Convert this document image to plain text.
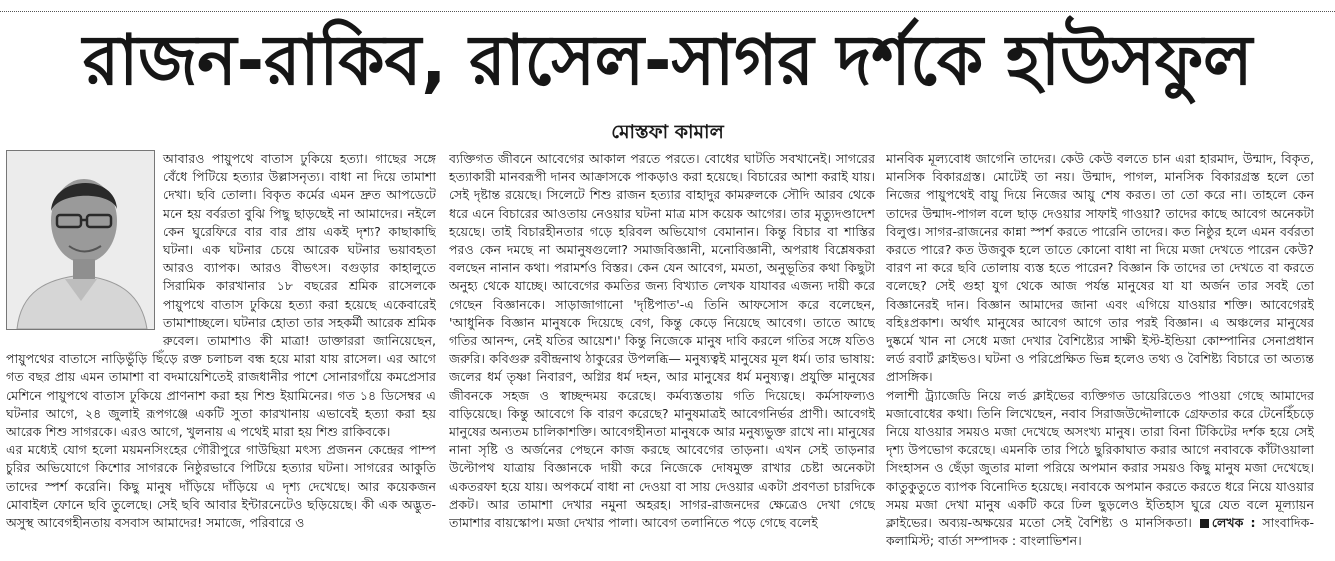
রাজন-রাকিব, রাসেল-সাগর দর্শকে হাউসফুল
মোস্তফা কামাল

আবারও পায়ুপথে বাতাস ঢুকিয়ে হত্যা। গাছের সঙ্গে বেঁধে পিটিয়ে হত্যার উল্লাসনৃত্য। বাধা না দিয়ে তামাশা দেখা। ছবি তোলা। বিকৃত কর্মের এমন দ্রুত আপডেটে মনে হয় বর্বরতা বুঝি পিছু ছাড়ছেই না আমাদের। নইলে কেন ঘুরেফিরে বার বার প্রায় একই দৃশ্য? কাছাকাছি ঘটনা। এক ঘটনার চেয়ে আরেক ঘটনার ভয়াবহতা আরও ব্যাপক। আরও বীভৎস। বগুড়ার কাহালুতে সিরামিক কারখানার ১৮ বছরের শ্রমিক রাসেলকে পায়ুপথে বাতাস ঢুকিয়ে হত্যা করা হয়েছে একেবারেই তামাশাচ্ছলে। ঘটনার হোতা তার সহকর্মী আরেক শ্রমিক রুবেল। তামাশাও কী মাত্রা! ডাক্তাররা জানিয়েছেন, পায়ুপথের বাতাসে নাড়িভুঁড়ি ছিঁড়ে রক্ত চলাচল বন্ধ হয়ে মারা যায় রাসেল। এর আগে গত বছর প্রায় এমন তামাশা বা বদমায়েশিতেই রাজধানীর পাশে সোনারগাঁয়ে কমপ্রেসার মেশিনে পায়ুপথে বাতাস ঢুকিয়ে প্রাণনাশ করা হয় শিশু ইয়ামিনের। গত ১৪ ডিসেম্বর এ ঘটনার আগে, ২৪ জুলাই রূপগঞ্জে একটি সুতা কারখানায় এভাবেই হত্যা করা হয় আরেক শিশু সাগরকে। এরও আগে, খুলনায় এ পথেই মারা হয় শিশু রাকিবকে।

এর মধ্যেই যোগ হলো ময়মনসিংহের গৌরীপুরে গাউছিয়া মৎস্য প্রজনন কেন্দ্রের পাম্প চুরির অভিযোগে কিশোর সাগরকে নিষ্ঠুরভাবে পিটিয়ে হত্যার ঘটনা। সাগরের আকুতি তাদের স্পর্শ করেনি। কিছু মানুষ দাঁড়িয়ে দাঁড়িয়ে এ দৃশ্য দেখেছে। আর কয়েকজন মোবাইল ফোনে ছবি তুলেছে। সেই ছবি আবার ইন্টারনেটেও ছড়িয়েছে। কী এক অদ্ভুত-অসুস্থ আবেগহীনতায় বসবাস আমাদের! সমাজে, পরিবারে ও

ব্যক্তিগত জীবনে আবেগের আকাল পরতে পরতে। বোধের ঘাটতি সবখানেই। সাগরের হত্যাকারী মানবরূপী দানব আক্রাসকে পাকড়াও করা হয়েছে। বিচারের আশা করাই যায়। সেই দৃষ্টান্ত রয়েছে। সিলেটে শিশু রাজন হত্যার বাহাদুর কামরুলকে সৌদি আরব থেকে ধরে এনে বিচারের আওতায় নেওয়ার ঘটনা মাত্র মাস কয়েক আগের। তার মৃত্যুদণ্ডাদেশ হয়েছে। তাই বিচারহীনতার গড়ে হরিবল অভিযোগ বেমানান। কিন্তু বিচার বা শাস্তির পরও কেন দমছে না অমানুষগুলো? সমাজবিজ্ঞানী, মনোবিজ্ঞানী, অপরাধ বিশ্লেষকরা বলছেন নানান কথা। পরামর্শও বিস্তর। কেন যেন আবেগ, মমতা, অনুভূতির কথা কিছুটা অনুহ্য থেকে যাচ্ছে। আবেগের কমতির জন্য বিখ্যাত লেখক যাযাবর এজন্য দায়ী করে গেছেন বিজ্ঞানকে। সাড়াজাগানো 'দৃষ্টিপাত'-এ তিনি আফসোস করে বলেছেন, 'আধুনিক বিজ্ঞান মানুষকে দিয়েছে বেগ, কিন্তু কেড়ে নিয়েছে আবেগ। তাতে আছে গতির আনন্দ, নেই যতির আয়েশ।' কিন্তু নিজেকে মানুষ দাবি করলে গতির সঙ্গে যতিও জরুরি। কবিগুরু রবীন্দ্রনাথ ঠাকুরের উপলব্ধি— মনুষ্যত্বই মানুষের মূল ধর্ম। তার ভাষায়: জলের ধর্ম তৃষ্ণা নিবারণ, অগ্নির ধর্ম দহন, আর মানুষের ধর্ম মনুষ্যত্ব। প্রযুক্তি মানুষের জীবনকে সহজ ও স্বাচ্ছন্দময় করেছে। কর্মব্যস্ততায় গতি দিয়েছে। কর্মসাফল্যও বাড়িয়েছে। কিন্তু আবেগে কি বারণ করেছে? মানুষমাত্রই আবেগনির্ভর প্রাণী। আবেগই মানুষের অন্যতম চালিকাশক্তি। আবেগহীনতা মানুষকে আর মনুষ্যভুক্ত রাখে না। মানুষের নানা সৃষ্টি ও অর্জনের পেছনে কাজ করছে আবেগের তাড়না। এখন সেই তাড়নার উল্টোপথ যাত্রায় বিজ্ঞানকে দায়ী করে নিজেকে দোষমুক্ত রাখার চেষ্টা অনেকটা একতরফা হয়ে যায়। অপকর্মে বাধা না দেওয়া বা সায় দেওয়ার একটা প্রবণতা চারদিকে প্রকট। আর তামাশা দেখার নমুনা অহরহ। সাগর-রাজনদের ক্ষেত্রেও দেখা গেছে তামাশার বায়স্কোপ। মজা দেখার পালা। আবেগ তলানিতে পড়ে গেছে বলেই

মানবিক মূল্যবোধ জাগেনি তাদের। কেউ কেউ বলতে চান এরা হারমাদ, উন্মাদ, বিকৃত, মানসিক বিকারগ্রস্ত। মোটেই তা নয়। উন্মাদ, পাগল, মানসিক বিকারগ্রস্ত হলে তো নিজের পায়ুপথেই বায়ু দিয়ে নিজের আয়ু শেষ করত। তা তো করে না। তাহলে কেন তাদের উন্মাদ-পাগল বলে ছাড় দেওয়ার সাফাই গাওয়া? তাদের কাছে আবেগ অনেকটা বিলুপ্ত। সাগর-রাজনের কান্না স্পর্শ করতে পারেনি তাদের। কত নিষ্ঠুর হলে এমন বর্বরতা করতে পারে? কত উজবুক হলে তাতে কোনো বাধা না দিয়ে মজা দেখতে পারেন কেউ? বারণ না করে ছবি তোলায় ব্যস্ত হতে পারেন? বিজ্ঞান কি তাদের তা দেখতে বা করতে বলেছে? সেই গুহা যুগ থেকে আজ পর্যন্ত মানুষের যা যা অর্জন তার সবই তো বিজ্ঞানেরই দান। বিজ্ঞান আমাদের জানা এবং এগিয়ে যাওয়ার শক্তি। আবেগেরই বহিঃপ্রকাশ। অর্থাৎ মানুষের আবেগ আগে তার পরই বিজ্ঞান। এ অঞ্চলের মানুষের দুষ্কর্মে খান না সেধে মজা দেখার বৈশিষ্ট্যের সাক্ষী ইস্ট-ইন্ডিয়া কোম্পানির সেনাপ্রধান লর্ড রবার্ট ক্লাইভও। ঘটনা ও পরিপ্রেক্ষিত ভিন্ন হলেও তথ্য ও বৈশিষ্ট্য বিচারে তা অত্যন্ত প্রাসঙ্গিক।

পলাশী ট্র্যাজেডি নিয়ে লর্ড ক্লাইভের ব্যক্তিগত ডায়েরিতেও পাওয়া গেছে আমাদের মজাবোধের কথা। তিনি লিখেছেন, নবাব সিরাজউদ্দৌলাকে গ্রেফতার করে টেনেহিঁচড়ে নিয়ে যাওয়ার সময়ও মজা দেখেছে অসংখ্য মানুষ। তারা বিনা টিকিটের দর্শক হয়ে সেই দৃশ্য উপভোগ করেছে। এমনকি তার পিঠে ছুরিকাঘাত করার আগে নবাবকে কাঁটাওয়ালা সিংহাসন ও ছেঁড়া জুতার মালা পরিয়ে অপমান করার সময়ও কিছু মানুষ মজা দেখেছে। কাতুকুতুতে ব্যাপক বিনোদিত হয়েছে। নবাবকে অপমান করতে করতে ধরে নিয়ে যাওয়ার সময় মজা দেখা মানুষ একটি করে ঢিল ছুড়লেও ইতিহাস ঘুরে যেত বলে মূল্যায়ন ক্লাইভের। অব্যয়-অক্ষয়ের মতো সেই বৈশিষ্ট্য ও মানসিকতা। লেখক : সাংবাদিক-কলামিস্ট; বার্তা সম্পাদক : বাংলাভিশন।
